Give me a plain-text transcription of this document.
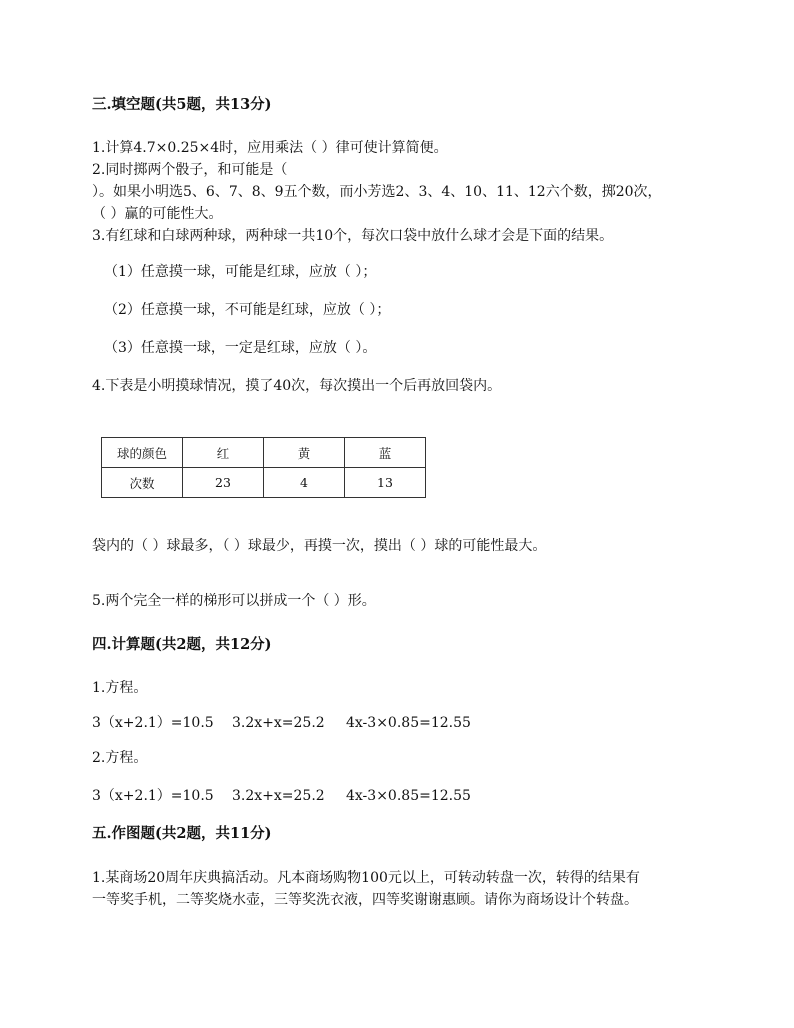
三.填空题(共5题，共13分)
1.计算4.7×0.25×4时，应用乘法（ ）律可使计算简便。
2.同时掷两个骰子，和可能是（
）。如果小明选5、6、7、8、9五个数，而小芳选2、3、4、10、11、12六个数，掷20次，
（ ）赢的可能性大。
3.有红球和白球两种球，两种球一共10个，每次口袋中放什么球才会是下面的结果。
（1）任意摸一球，可能是红球，应放（ ）；
（2）任意摸一球，不可能是红球，应放（ ）；
（3）任意摸一球，一定是红球，应放（ ）。
4.下表是小明摸球情况，摸了40次，每次摸出一个后再放回袋内。
球的颜色	红	黄	蓝
次数	23	4	13
袋内的（ ）球最多，（ ）球最少，再摸一次，摸出（ ）球的可能性最大。
5.两个完全一样的梯形可以拼成一个（ ）形。
四.计算题(共2题，共12分)
1.方程。
3（x+2.1）=10.5 3.2x+x=25.2 4x-3×0.85=12.55
2.方程。
3（x+2.1）=10.5 3.2x+x=25.2 4x-3×0.85=12.55
五.作图题(共2题，共11分)
1.某商场20周年庆典搞活动。凡本商场购物100元以上，可转动转盘一次，转得的结果有
一等奖手机，二等奖烧水壶，三等奖洗衣液，四等奖谢谢惠顾。请你为商场设计个转盘。
